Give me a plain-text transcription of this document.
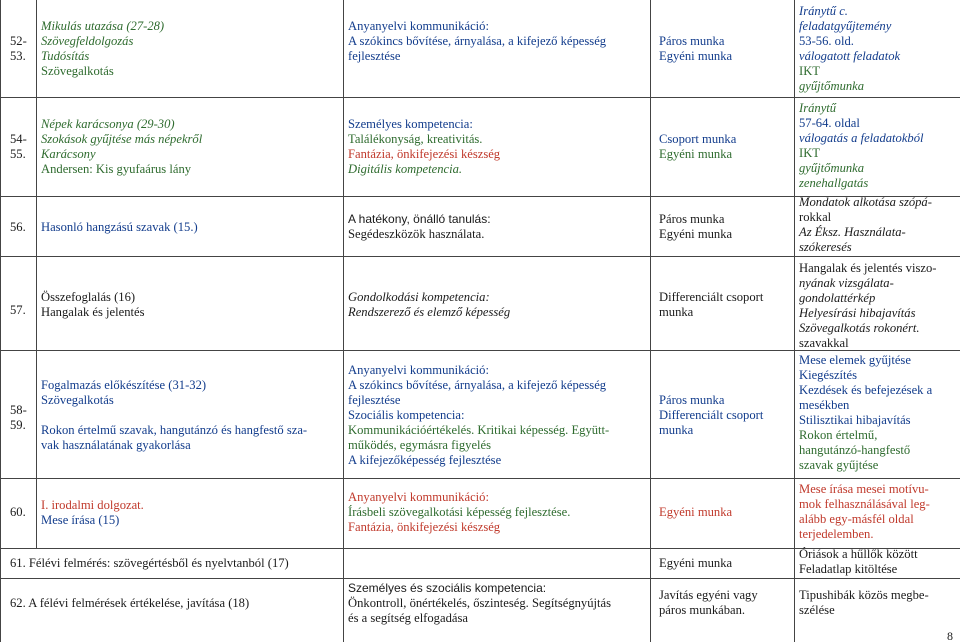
52-
53.
Mikulás utazása (27-28)
Szövegfeldolgozás
Tudósítás
Szövegalkotás
Anyanyelvi kommunikáció:
A szókincs bővítése, árnyalása, a kifejező képesség fejlesztése
Páros munka
Egyéni munka
Iránytű c.
feladatgyűjtemény
53-56. old.
válogatott feladatok
IKT
gyűjtőmunka
54-
55.
Népek karácsonya (29-30)
Szokások gyűjtése más népekről
Karácsony
Andersen: Kis gyufaárus lány
Személyes kompetencia:
Találékonyság, kreativitás.
Fantázia, önkifejezési készség
Digitális kompetencia.
Csoport munka
Egyéni munka
Iránytű
57-64. oldal
válogatás a feladatokból
IKT
gyűjtőmunka
zenehallgatás
56. Hasonló hangzású szavak (15.)
A hatékony, önálló tanulás:
Segédeszközök használata.
Páros munka
Egyéni munka
Mondatok alkotása szópá-
rokkal
Az Éksz. Használata-
szókeresés
57.
Összefoglalás (16)
Hangalak és jelentés
Gondolkodási kompetencia:
Rendszerező és elemző képesség
Differenciált csoport
munka
Hangalak és jelentés viszo-
nyának vizsgálata-
gondolattérkép
Helyesírási hibajavítás
Szövegalkotás rokonért.
szavakkal
58-
59.
Fogalmazás előkészítése (31-32)
Szövegalkotás

Rokon értelmű szavak, hangutánzó és hangfestő sza-
vak használatának gyakorlása
Anyanyelvi kommunikáció:
A szókincs bővítése, árnyalása, a kifejező képesség
fejlesztése
Szociális kompetencia:
Kommunikációértékelés. Kritikai képesség. Együtt-
működés, egymásra figyelés
A kifejezőképesség fejlesztése
Páros munka
Differenciált csoport
munka
Mese elemek gyűjtése
Kiegészítés
Kezdések és befejezések a
mesékben
Stilisztikai hibajavítás
Rokon értelmű,
hangutánzó-hangfestő
szavak gyűjtése
60. I. irodalmi dolgozat.
Mese írása (15)
Anyanyelvi kommunikáció:
Írásbeli szövegalkotási képesség fejlesztése.
Fantázia, önkifejezési készség
Egyéni munka
Mese írása mesei motívu-
mok felhasználásával leg-
alább egy-másfél oldal
terjedelemben.
61. Félévi felmérés: szövegértésből és nyelvtanból (17)	Egyéni munka
Óriások a hűllők között
Feladatlap kitöltése
62. A félévi felmérések értékelése, javítása (18)
Személyes és szociális kompetencia:
Önkontroll, önértékelés, őszinteség. Segítségnyújtás
és a segítség elfogadása
Javítás egyéni vagy
páros munkában.
Tipushibák közös megbe-
szélése
8
